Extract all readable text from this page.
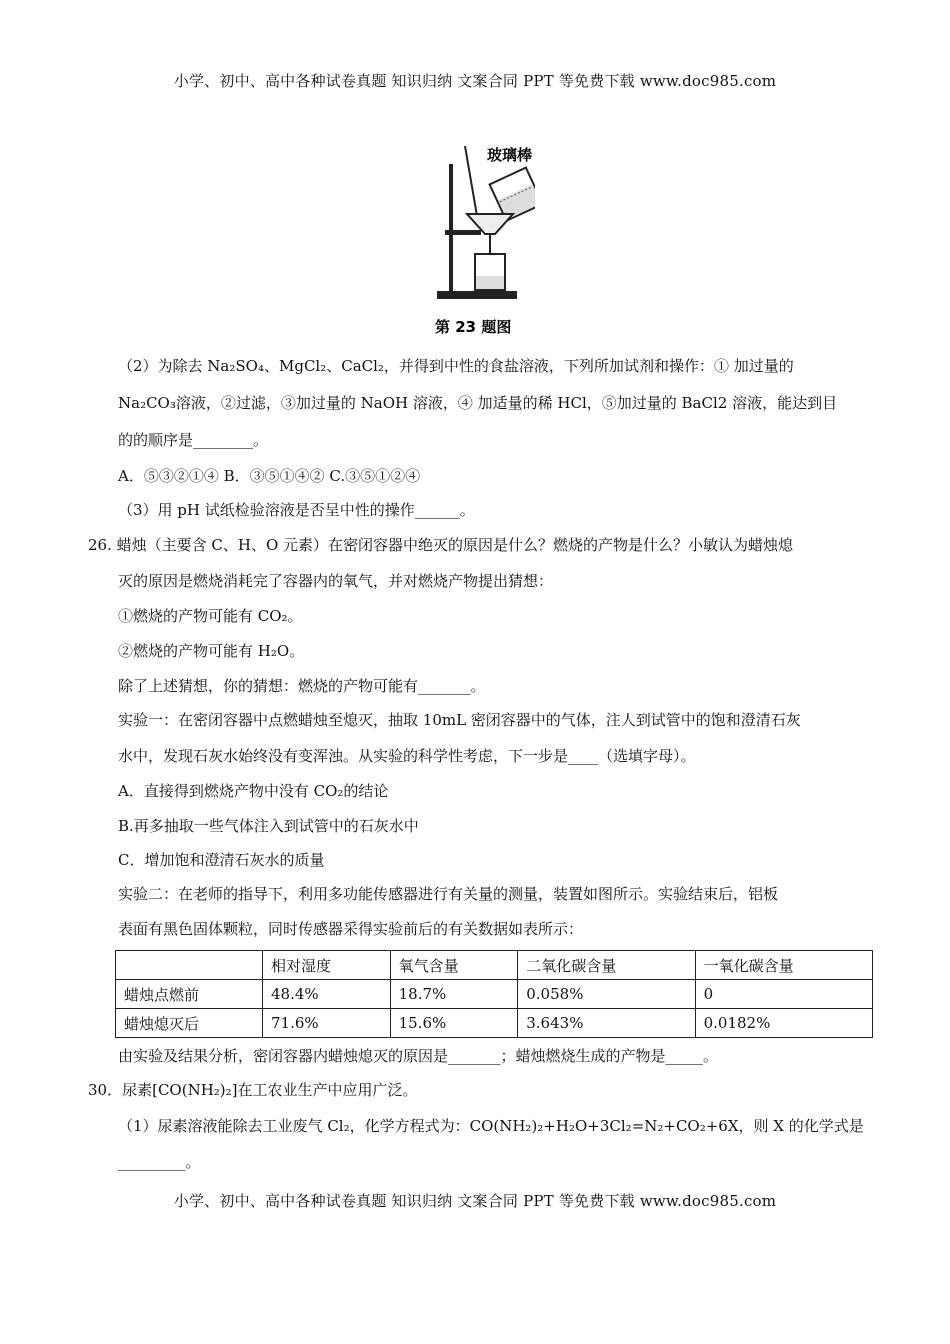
小学、初中、高中各种试卷真题 知识归纳 文案合同 PPT 等免费下载 www.doc985.com
玻璃棒
第 23 题图
（2）为除去 Na₂SO₄、MgCl₂、CaCl₂，并得到中性的食盐溶液，下列所加试剂和操作：① 加过量的
Na₂CO₃溶液，②过滤，③加过量的 NaOH 溶液，④ 加适量的稀 HCl，⑤加过量的 BaCl2 溶液，能达到目
的的顺序是________。
A．⑤③②①④ B．③⑤①④② C.③⑤①②④
（3）用 pH 试纸检验溶液是否呈中性的操作______。
26. 蜡烛（主要含 C、H、O 元素）在密闭容器中绝灭的原因是什么？燃烧的产物是什么？小敏认为蜡烛熄
灭的原因是燃烧消耗完了容器内的氧气，并对燃烧产物提出猜想：
①燃烧的产物可能有 CO₂。
②燃烧的产物可能有 H₂O。
除了上述猜想，你的猜想：燃烧的产物可能有_______。
实验一：在密闭容器中点燃蜡烛至熄灭，抽取 10mL 密闭容器中的气体，注人到试管中的饱和澄清石灰
水中，发现石灰水始终没有变浑浊。从实验的科学性考虑，下一步是____（选填字母）。
A．直接得到燃烧产物中没有 CO₂的结论
B.再多抽取一些气体注入到试管中的石灰水中
C．增加饱和澄清石灰水的质量
实验二：在老师的指导下，利用多功能传感器进行有关量的测量，装置如图所示。实验结束后，铝板
表面有黑色固体颗粒，同时传感器采得实验前后的有关数据如表所示：
	相对湿度	氧气含量	二氧化碳含量	一氧化碳含量
蜡烛点燃前	48.4%	18.7%	0.058%	0
蜡烛熄灭后	71.6%	15.6%	3.643%	0.0182%
由实验及结果分析，密闭容器内蜡烛熄灭的原因是_______；蜡烛燃烧生成的产物是_____。
30．尿素[CO(NH₂)₂]在工农业生产中应用广泛。
（1）尿素溶液能除去工业废气 Cl₂，化学方程式为：CO(NH₂)₂+H₂O+3Cl₂=N₂+CO₂+6X，则 X 的化学式是
_________。
小学、初中、高中各种试卷真题 知识归纳 文案合同 PPT 等免费下载 www.doc985.com
